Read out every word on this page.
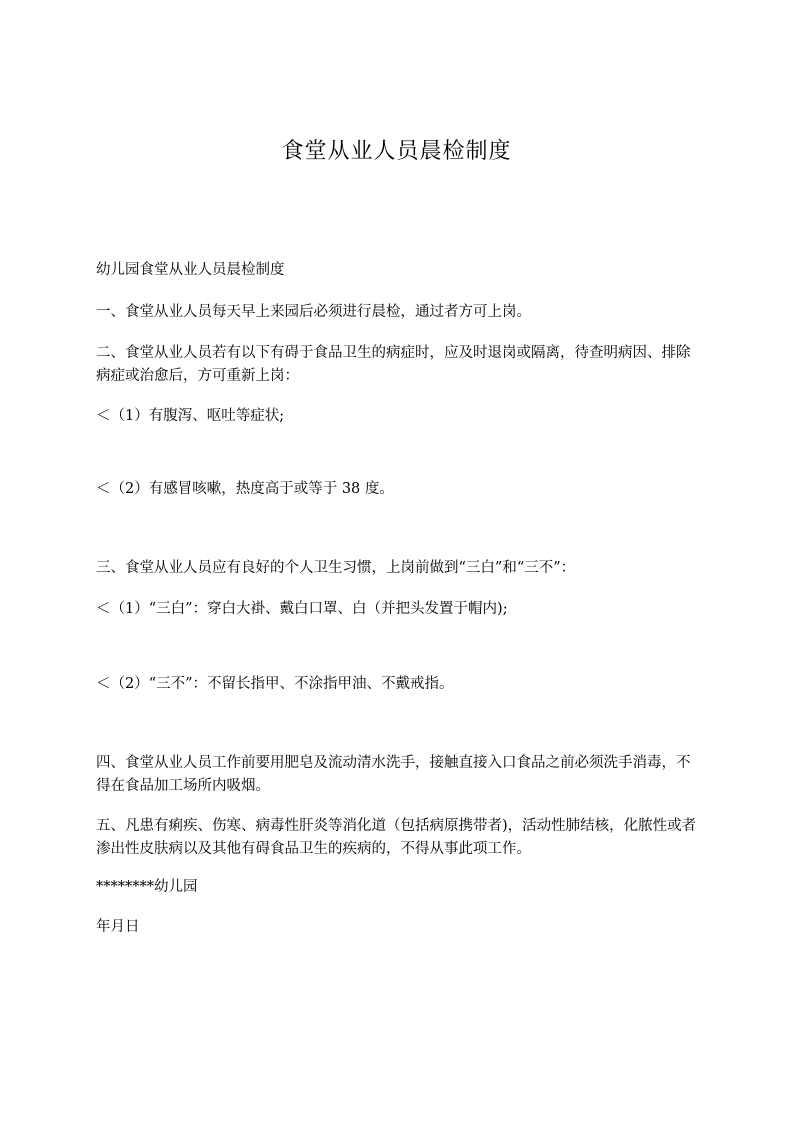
食堂从业人员晨检制度

幼儿园食堂从业人员晨检制度

一、食堂从业人员每天早上来园后必须进行晨检，通过者方可上岗。

二、食堂从业人员若有以下有碍于食品卫生的病症时，应及时退岗或隔离，待查明病因、排除病症或治愈后，方可重新上岗：

＜（1）有腹泻、呕吐等症状;

＜（2）有感冒咳嗽，热度高于或等于 38 度。

三、食堂从业人员应有良好的个人卫生习惯，上岗前做到“三白”和“三不”：

＜（1）“三白”：穿白大褂、戴白口罩、白（并把头发置于帽内);

＜（2）“三不”：不留长指甲、不涂指甲油、不戴戒指。

四、食堂从业人员工作前要用肥皂及流动清水洗手，接触直接入口食品之前必须洗手消毒，不得在食品加工场所内吸烟。

五、凡患有痢疾、伤寒、病毒性肝炎等消化道（包括病原携带者)，活动性肺结核，化脓性或者渗出性皮肤病以及其他有碍食品卫生的疾病的，不得从事此项工作。

********幼儿园

年月日
